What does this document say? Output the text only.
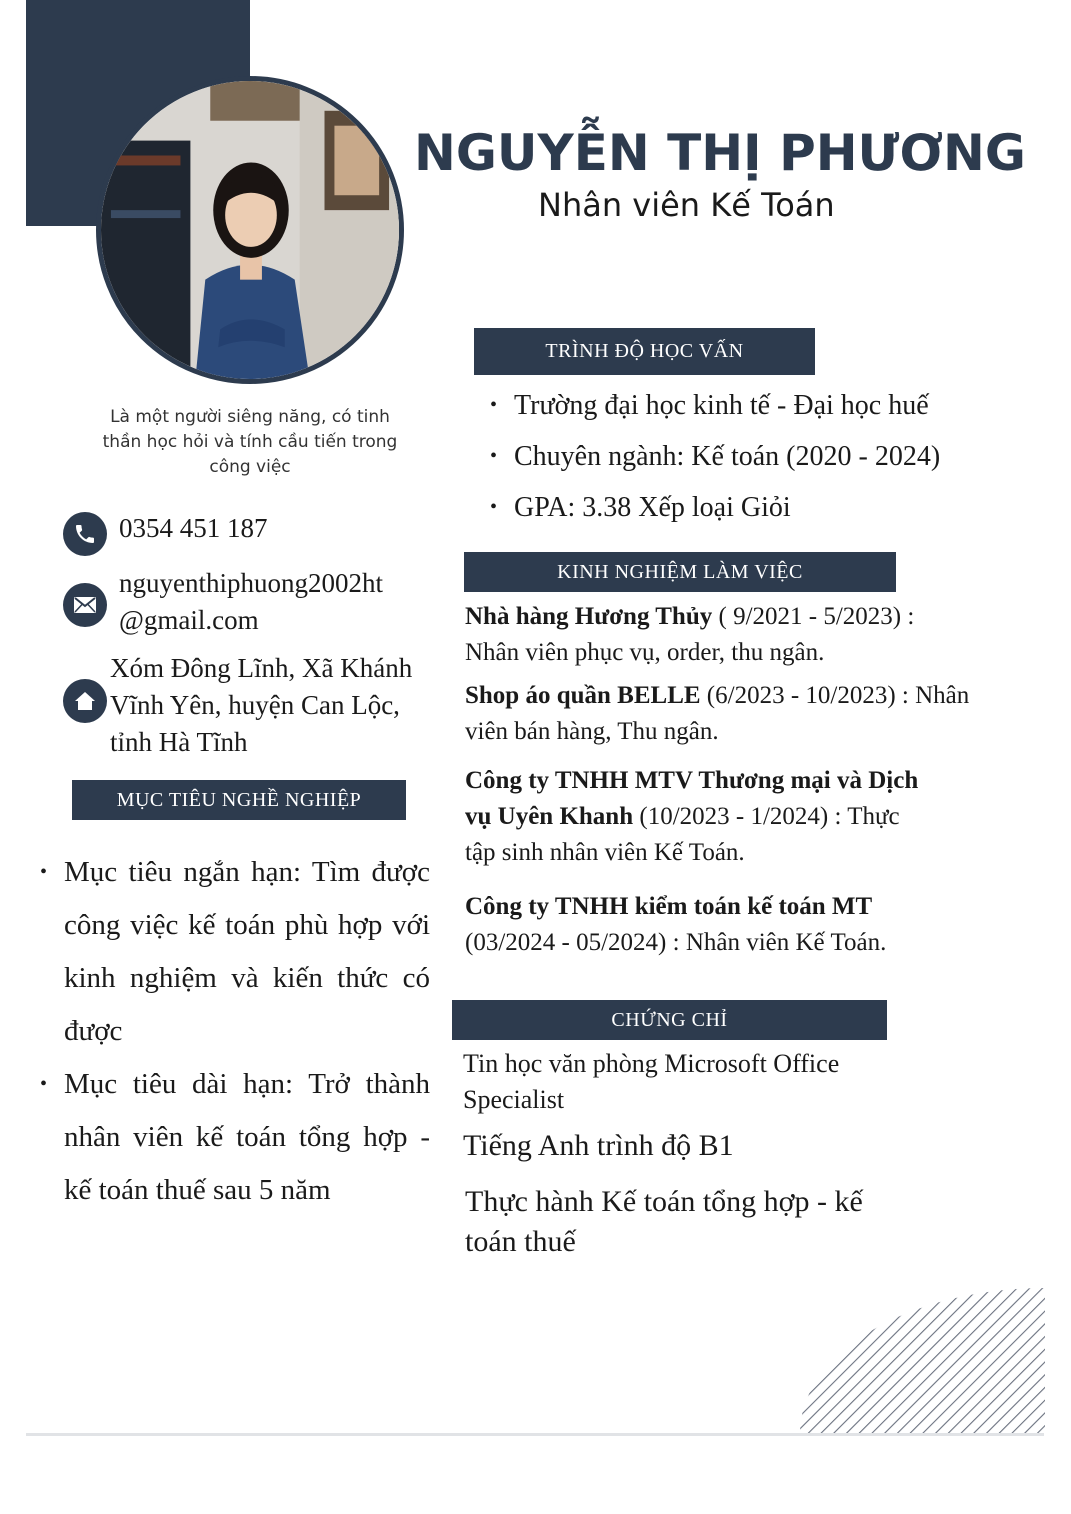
NGUYỄN THỊ PHƯƠNG
Nhân viên Kế Toán
Là một người siêng năng, có tinh thần học hỏi và tính cầu tiến trong công việc
0354 451 187
nguyenthiphuong2002ht
@gmail.com
Xóm Đông Lĩnh, Xã Khánh
Vĩnh Yên, huyện Can Lộc,
tỉnh Hà Tĩnh
MỤC TIÊU NGHỀ NGHIỆP
• Mục tiêu ngắn hạn: Tìm được công việc kế toán phù hợp với kinh nghiệm và kiến thức có được
• Mục tiêu dài hạn: Trở thành nhân viên kế toán tổng hợp - kế toán thuế sau 5 năm
TRÌNH ĐỘ HỌC VẤN
• Trường đại học kinh tế - Đại học huế
• Chuyên ngành: Kế toán (2020 - 2024)
• GPA: 3.38 Xếp loại Giỏi
KINH NGHIỆM LÀM VIỆC
Nhà hàng Hương Thủy ( 9/2021 - 5/2023) :
Nhân viên phục vụ, order, thu ngân.
Shop áo quần BELLE (6/2023 - 10/2023) : Nhân
viên bán hàng, Thu ngân.
Công ty TNHH MTV Thương mại và Dịch
vụ Uyên Khanh (10/2023 - 1/2024) : Thực
tập sinh nhân viên Kế Toán.
Công ty TNHH kiểm toán kế toán MT
(03/2024 - 05/2024) : Nhân viên Kế Toán.
CHỨNG CHỈ
Tin học văn phòng Microsoft Office
Specialist
Tiếng Anh trình độ B1
Thực hành Kế toán tổng hợp - kế
toán thuế
